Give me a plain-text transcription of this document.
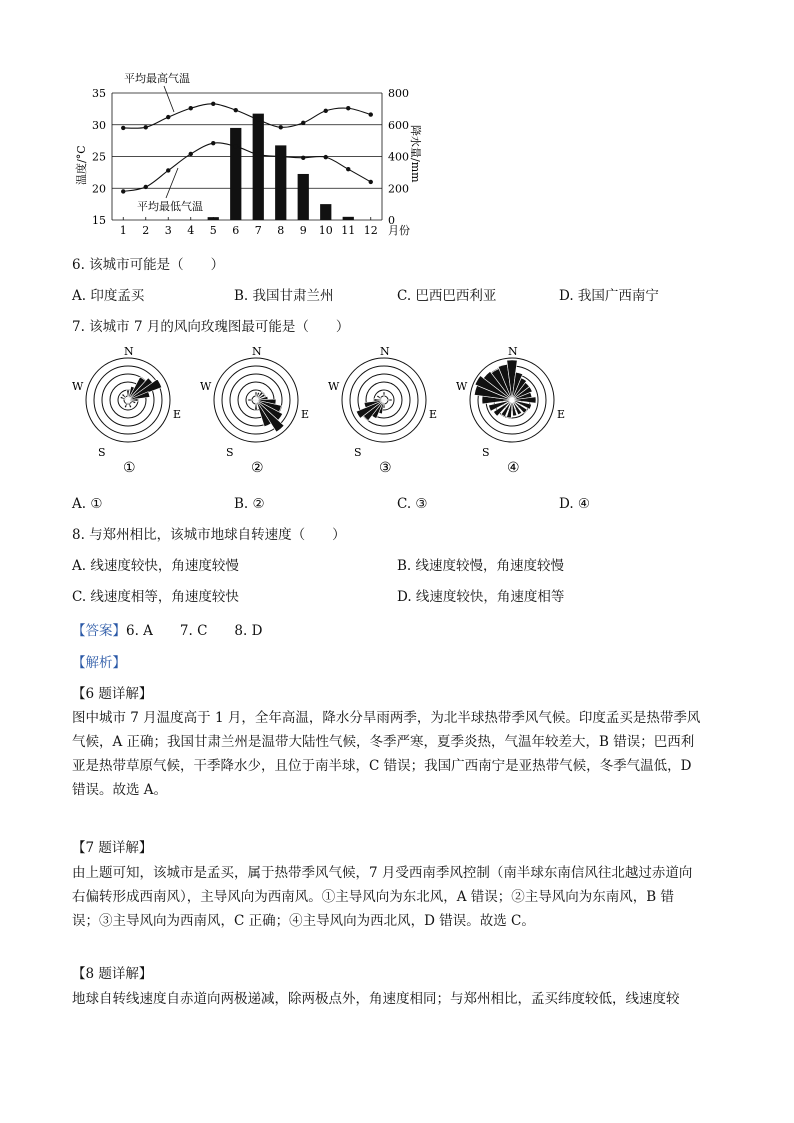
15
20
25
30
35
0
200
400
600
800
1 2 3 4 5 6 7 8 9 10 11 12
温度/°C	降水量/mm
月份
平均最高气温
平均最低气温
6. 该城市可能是（　　）
A. 印度孟买	B. 我国甘肃兰州	C. 巴西巴西利亚	D. 我国广西南宁
7. 该城市 7 月的风向玫瑰图最可能是（　　）
N
S
E
W
①
N
S
E
W
②
N
S
E
W
③
N
S
E
W
④
A. ①	B. ②	C. ③	D. ④
8. 与郑州相比，该城市地球自转速度（　　）
A. 线速度较快，角速度较慢	B. 线速度较慢，角速度较慢
C. 线速度相等，角速度较快	D. 线速度较快，角速度相等
【答案】6. A　　7. C　　8. D
【解析】
【6 题详解】
图中城市 7 月温度高于 1 月，全年高温，降水分旱雨两季，为北半球热带季风气候。印度孟买是热带季风
气候，A 正确；我国甘肃兰州是温带大陆性气候，冬季严寒，夏季炎热，气温年较差大，B 错误；巴西利
亚是热带草原气候，干季降水少，且位于南半球，C 错误；我国广西南宁是亚热带气候，冬季气温低，D
错误。故选 A。
【7 题详解】
由上题可知，该城市是孟买，属于热带季风气候，7 月受西南季风控制（南半球东南信风往北越过赤道向
右偏转形成西南风），主导风向为西南风。①主导风向为东北风，A 错误；②主导风向为东南风，B 错
误；③主导风向为西南风，C 正确；④主导风向为西北风，D 错误。故选 C。
【8 题详解】
地球自转线速度自赤道向两极递减，除两极点外，角速度相同；与郑州相比，孟买纬度较低，线速度较
